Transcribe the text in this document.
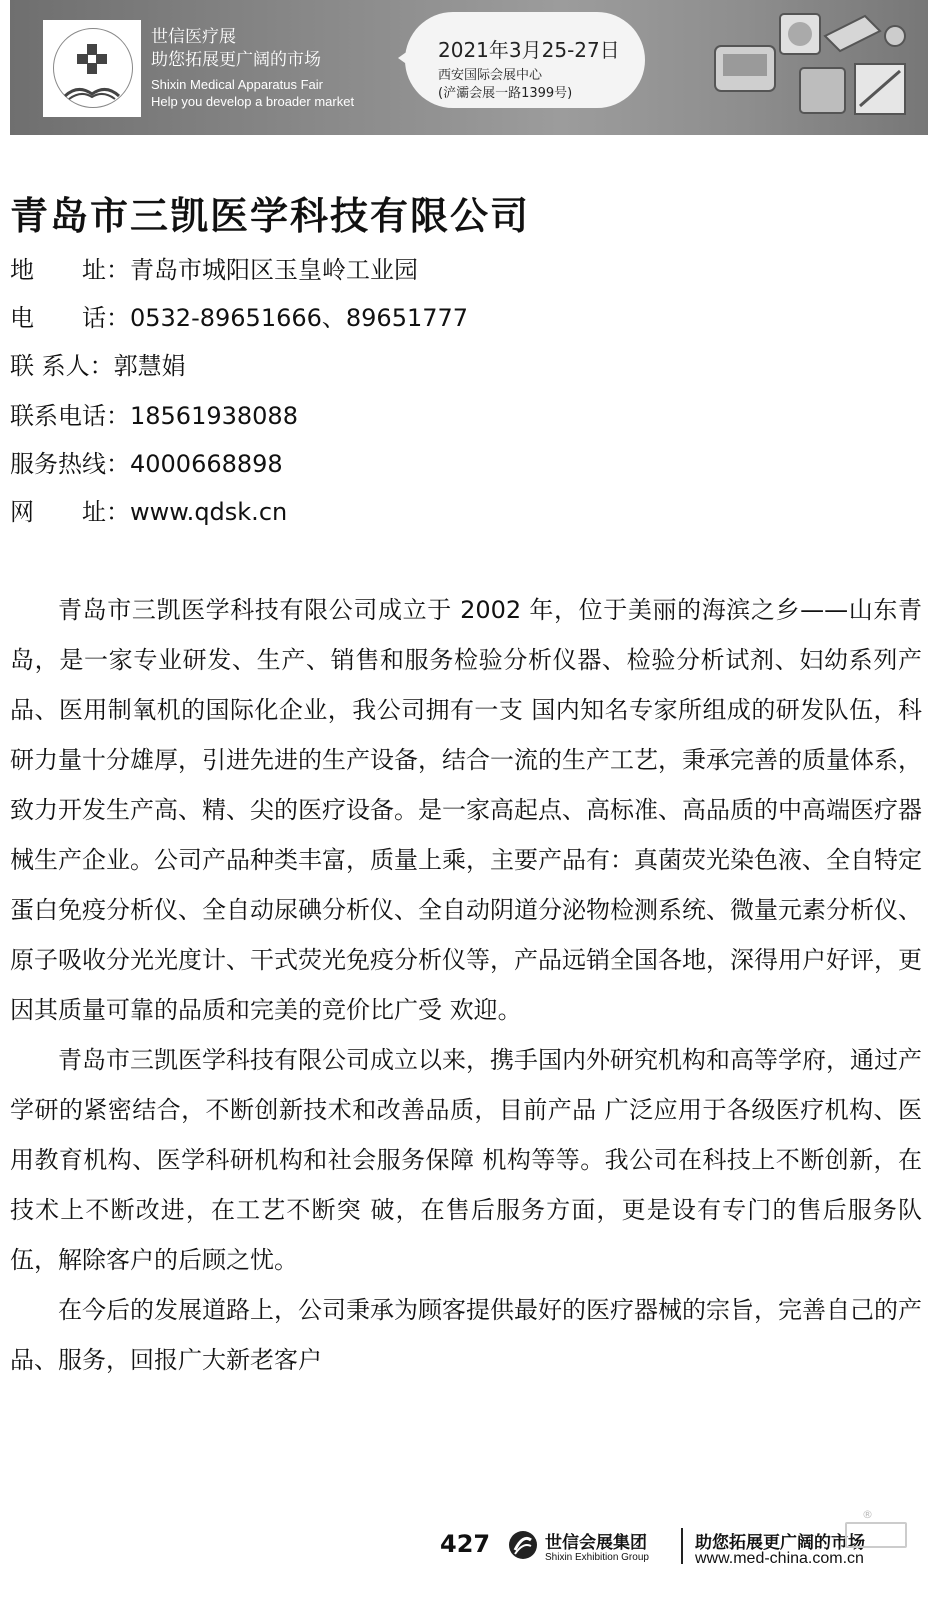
世信医疗展
助您拓展更广阔的市场
Shixin Medical Apparatus Fair
Help you develop a broader market
2021年3月25-27日
西安国际会展中心
(浐灞会展一路1399号)
青岛市三凯医学科技有限公司
地　　址：青岛市城阳区玉皇岭工业园
电　　话：0532-89651666、89651777
联 系人：郭慧娟
联系电话：18561938088
服务热线：4000668898
网　　址：www.qdsk.cn

青岛市三凯医学科技有限公司成立于 2002 年，位于美丽的海滨之乡——山东青岛，是一家专业研发、生产、销售和服务检验分析仪器、检验分析试剂、妇幼系列产品、医用制氧机的国际化企业，我公司拥有一支 国内知名专家所组成的研发队伍，科研力量十分雄厚，引进先进的生产设备，结合一流的生产工艺，秉承完善的质量体系，致力开发生产高、精、尖的医疗设备。是一家高起点、高标准、高品质的中高端医疗器械生产企业。公司产品种类丰富，质量上乘，主要产品有：真菌荧光染色液、全自特定蛋白免疫分析仪、全自动尿碘分析仪、全自动阴道分泌物检测系统、微量元素分析仪、原子吸收分光光度计、干式荧光免疫分析仪等，产品远销全国各地，深得用户好评，更因其质量可靠的品质和完美的竞价比广受 欢迎。

青岛市三凯医学科技有限公司成立以来，携手国内外研究机构和高等学府，通过产学研的紧密结合，不断创新技术和改善品质，目前产品 广泛应用于各级医疗机构、医用教育机构、医学科研机构和社会服务保障 机构等等。我公司在科技上不断创新，在技术上不断改进，在工艺不断突 破，在售后服务方面，更是设有专门的售后服务队伍，解除客户的后顾之忧。

在今后的发展道路上，公司秉承为顾客提供最好的医疗器械的宗旨，完善自己的产品、服务，回报广大新老客户

427	世信会展集团
Shixin Exhibition Group
助您拓展更广阔的市场
www.med-china.com.cn
®
